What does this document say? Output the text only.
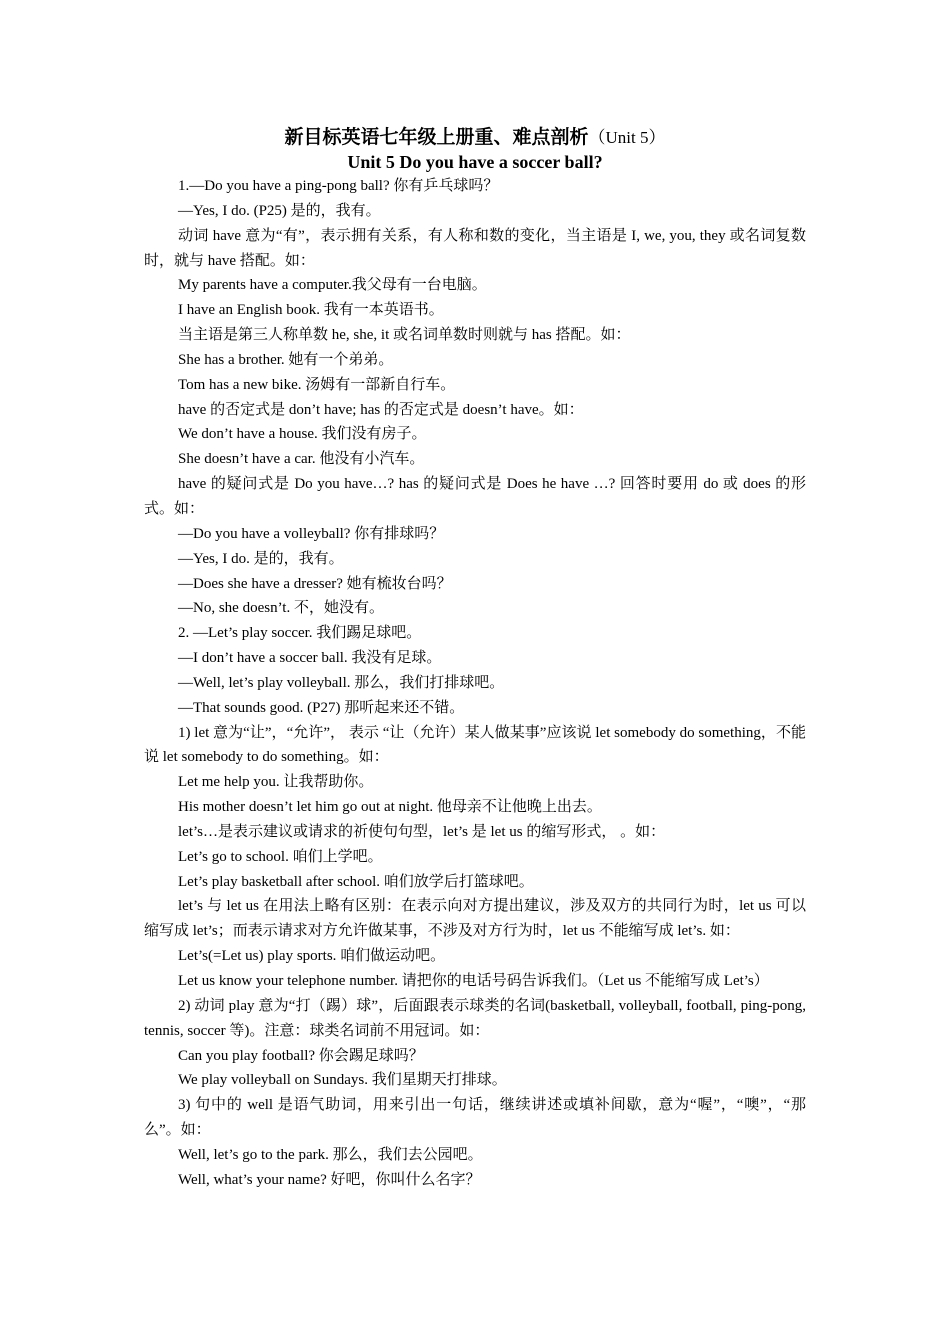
新目标英语七年级上册重、难点剖析（Unit 5）
Unit 5 Do you have a soccer ball?

1.—Do you have a ping-pong ball? 你有乒乓球吗？

—Yes, I do. (P25) 是的，我有。

动词 have 意为“有”，表示拥有关系，有人称和数的变化，当主语是 I, we, you, they 或名词复数时，就与 have 搭配。如：

My parents have a computer.我父母有一台电脑。

I have an English book. 我有一本英语书。

当主语是第三人称单数 he, she, it 或名词单数时则就与 has 搭配。如：

She has a brother. 她有一个弟弟。

Tom has a new bike. 汤姆有一部新自行车。

have 的否定式是 don’t have; has 的否定式是 doesn’t have。如：

We don’t have a house. 我们没有房子。

She doesn’t have a car. 他没有小汽车。

have 的疑问式是 Do you have…? has 的疑问式是 Does he have …? 回答时要用 do 或 does 的形式。如：

—Do you have a volleyball? 你有排球吗？

—Yes, I do. 是的，我有。

—Does she have a dresser? 她有梳妆台吗？

—No, she doesn’t. 不，她没有。

2. —Let’s play soccer. 我们踢足球吧。

—I don’t have a soccer ball. 我没有足球。

—Well, let’s play volleyball. 那么，我们打排球吧。

—That sounds good. (P27) 那听起来还不错。

1) let 意为“让”，“允许”， 表示 “让（允许）某人做某事”应该说 let somebody do something，不能说 let somebody to do something。如：

Let me help you. 让我帮助你。

His mother doesn’t let him go out at night. 他母亲不让他晚上出去。

let’s…是表示建议或请求的祈使句句型，let’s 是 let us 的缩写形式， 。如：

Let’s go to school. 咱们上学吧。

Let’s play basketball after school. 咱们放学后打篮球吧。

let’s 与 let us 在用法上略有区别：在表示向对方提出建议，涉及双方的共同行为时，let us 可以缩写成 let’s；而表示请求对方允许做某事，不涉及对方行为时，let us 不能缩写成 let’s. 如：

Let’s(=Let us) play sports. 咱们做运动吧。

Let us know your telephone number. 请把你的电话号码告诉我们。（Let us 不能缩写成 Let’s）

2) 动词 play 意为“打（踢）球”，后面跟表示球类的名词(basketball, volleyball, football, ping-pong, tennis, soccer 等)。注意：球类名词前不用冠词。如：

Can you play football? 你会踢足球吗？

We play volleyball on Sundays. 我们星期天打排球。

3) 句中的 well 是语气助词，用来引出一句话，继续讲述或填补间歇，意为“喔”，“噢”，“那么”。如：

Well, let’s go to the park. 那么，我们去公园吧。

Well, what’s your name? 好吧，你叫什么名字？
